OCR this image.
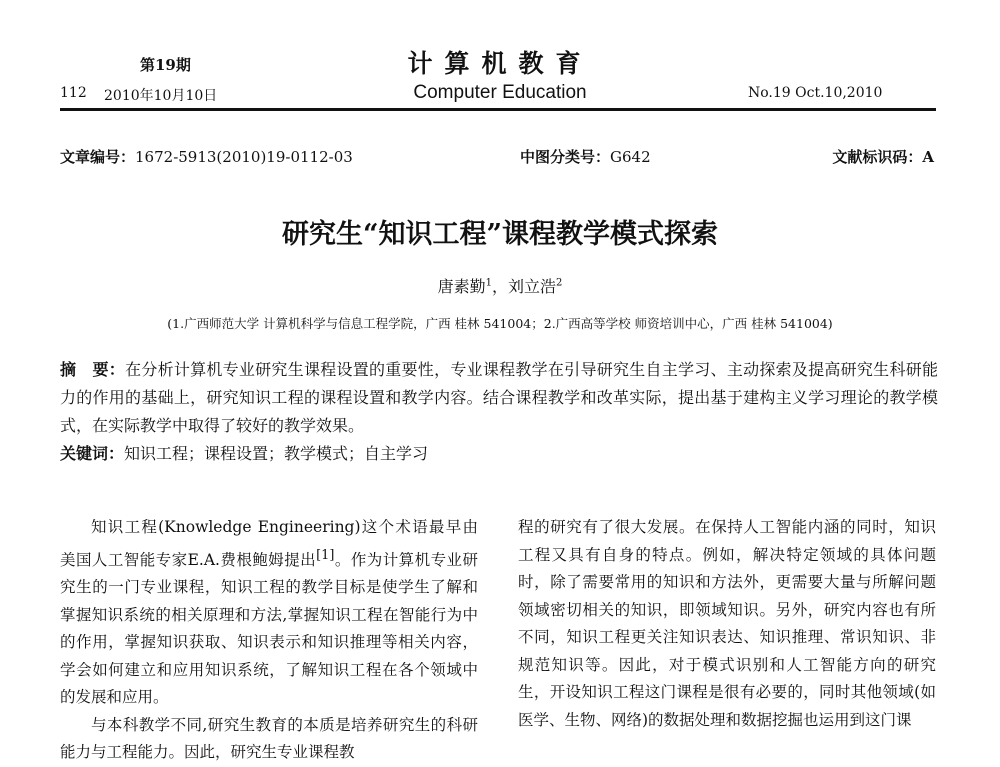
第19期	计算机教育
112 2010年10月10日	Computer Education	No.19 Oct.10,2010
文章编号：1672-5913(2010)19-0112-03	中图分类号：G642	文献标识码：A
研究生“知识工程”课程教学模式探索
唐素勤$^1$，刘立浩$^2$
(1.广西师范大学 计算机科学与信息工程学院，广西 桂林 541004；2.广西高等学校 师资培训中心，广西 桂林 541004)
摘　要：在分析计算机专业研究生课程设置的重要性，专业课程教学在引导研究生自主学习、主动探索及提高研究生科研能力的作用的基础上，研究知识工程的课程设置和教学内容。结合课程教学和改革实际，提出基于建构主义学习理论的教学模式，在实际教学中取得了较好的教学效果。
关键词：知识工程；课程设置；教学模式；自主学习

知识工程(Knowledge Engineering)这个术语最早由美国人工智能专家E.A.费根鲍姆提出[1]。作为计算机专业研究生的一门专业课程，知识工程的教学目标是使学生了解和掌握知识系统的相关原理和方法,掌握知识工程在智能行为中的作用，掌握知识获取、知识表示和知识推理等相关内容，学会如何建立和应用知识系统，了解知识工程在各个领域中的发展和应用。

与本科教学不同,研究生教育的本质是培养研究生的科研能力与工程能力。因此，研究生专业课程教

程的研究有了很大发展。在保持人工智能内涵的同时，知识工程又具有自身的特点。例如，解决特定领域的具体问题时，除了需要常用的知识和方法外，更需要大量与所解问题领域密切相关的知识，即领域知识。另外，研究内容也有所不同，知识工程更关注知识表达、知识推理、常识知识、非规范知识等。因此，对于模式识别和人工智能方向的研究生，开设知识工程这门课程是很有必要的，同时其他领域(如医学、生物、网络)的数据处理和数据挖掘也运用到这门课
